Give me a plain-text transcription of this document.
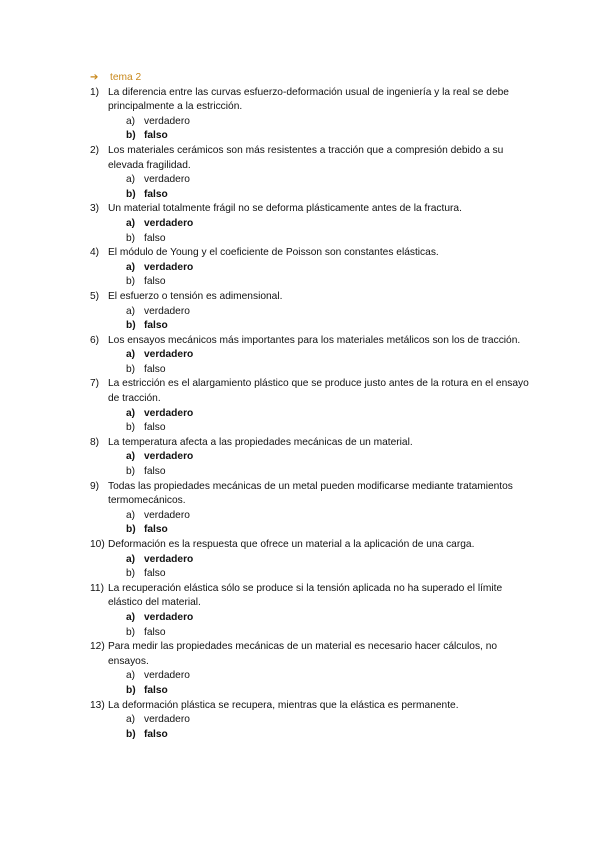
➔	tema 2
1) La diferencia entre las curvas esfuerzo-deformación usual de ingeniería y la real se debe principalmente a la estricción.
a) verdadero
b) falso
2) Los materiales cerámicos son más resistentes a tracción que a compresión debido a su elevada fragilidad.
a) verdadero
b) falso
3) Un material totalmente frágil no se deforma plásticamente antes de la fractura.
a) verdadero
b) falso
4) El módulo de Young y el coeficiente de Poisson son constantes elásticas.
a) verdadero
b) falso
5) El esfuerzo o tensión es adimensional.
a) verdadero
b) falso
6) Los ensayos mecánicos más importantes para los materiales metálicos son los de tracción.
a) verdadero
b) falso
7) La estricción es el alargamiento plástico que se produce justo antes de la rotura en el ensayo de tracción.
a) verdadero
b) falso
8) La temperatura afecta a las propiedades mecánicas de un material.
a) verdadero
b) falso
9) Todas las propiedades mecánicas de un metal pueden modificarse mediante tratamientos termomecánicos.
a) verdadero
b) falso
10) Deformación es la respuesta que ofrece un material a la aplicación de una carga.
a) verdadero
b) falso
11) La recuperación elástica sólo se produce si la tensión aplicada no ha superado el límite elástico del material.
a) verdadero
b) falso
12) Para medir las propiedades mecánicas de un material es necesario hacer cálculos, no ensayos.
a) verdadero
b) falso
13) La deformación plástica se recupera, mientras que la elástica es permanente.
a) verdadero
b) falso
